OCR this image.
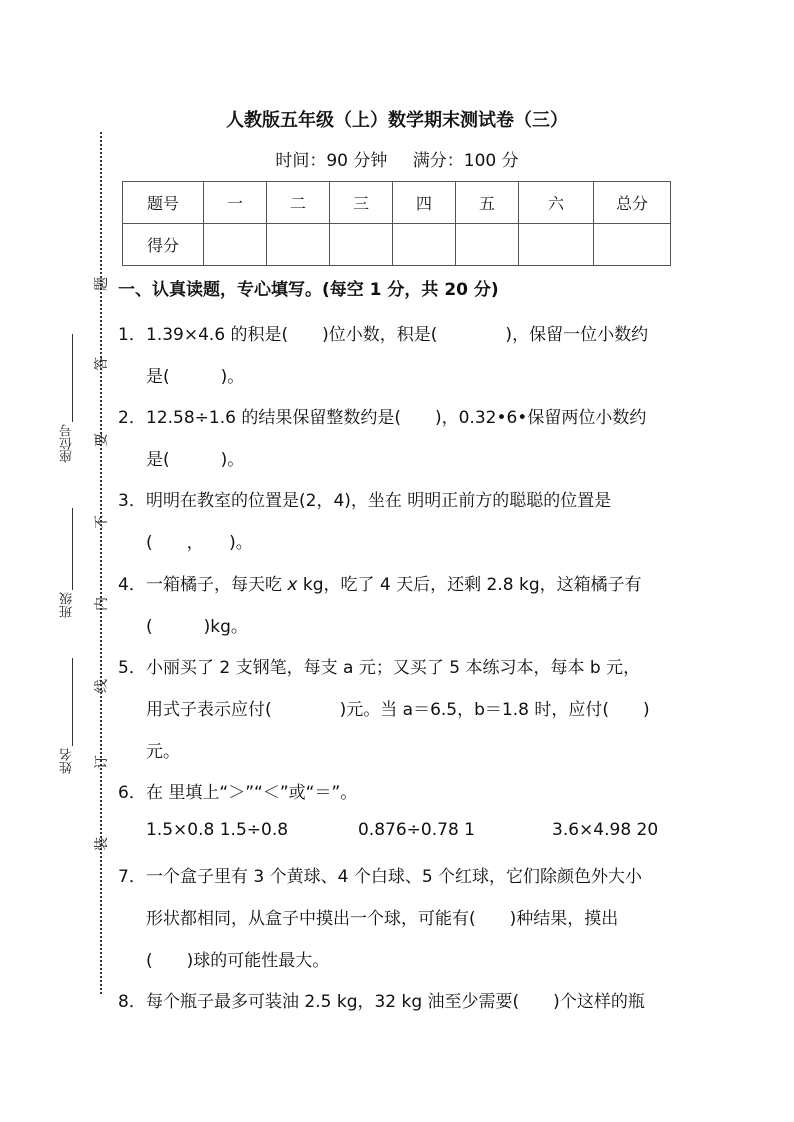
座位号
班级
姓名
题
答
要
不
内
线
订
装
人教版五年级（上）数学期末测试卷（三）
时间：90 分钟 满分：100 分
题号	一	二	三	四	五	六	总分
得分							
一、认真读题，专心填写。(每空 1 分，共 20 分)
1． 1.39×4.6 的积是(　　)位小数，积是(　　　　)，保留一位小数约
是(　　　)。
2． 12.58÷1.6 的结果保留整数约是(　　)，0.32•6•保留两位小数约
是(　　　)。
3． 明明在教室的位置是(2，4)，坐在 明明正前方的聪聪的位置是
(　　，　　)。
4． 一箱橘子，每天吃 x kg，吃了 4 天后，还剩 2.8 kg，这箱橘子有
(　　　)kg。
5． 小丽买了 2 支钢笔，每支 a 元；又买了 5 本练习本，每本 b 元，
用式子表示应付(　　　　)元。当 a＝6.5，b＝1.8 时，应付(　　)
元。
6． 在 里填上“＞”“＜”或“＝”。
1.5×0.8 1.5÷0.8	0.876÷0.78 1	3.6×4.98 20
7． 一个盒子里有 3 个黄球、4 个白球、5 个红球，它们除颜色外大小
形状都相同，从盒子中摸出一个球，可能有(　　)种结果，摸出
(　　)球的可能性最大。
8． 每个瓶子最多可装油 2.5 kg，32 kg 油至少需要(　　)个这样的瓶
